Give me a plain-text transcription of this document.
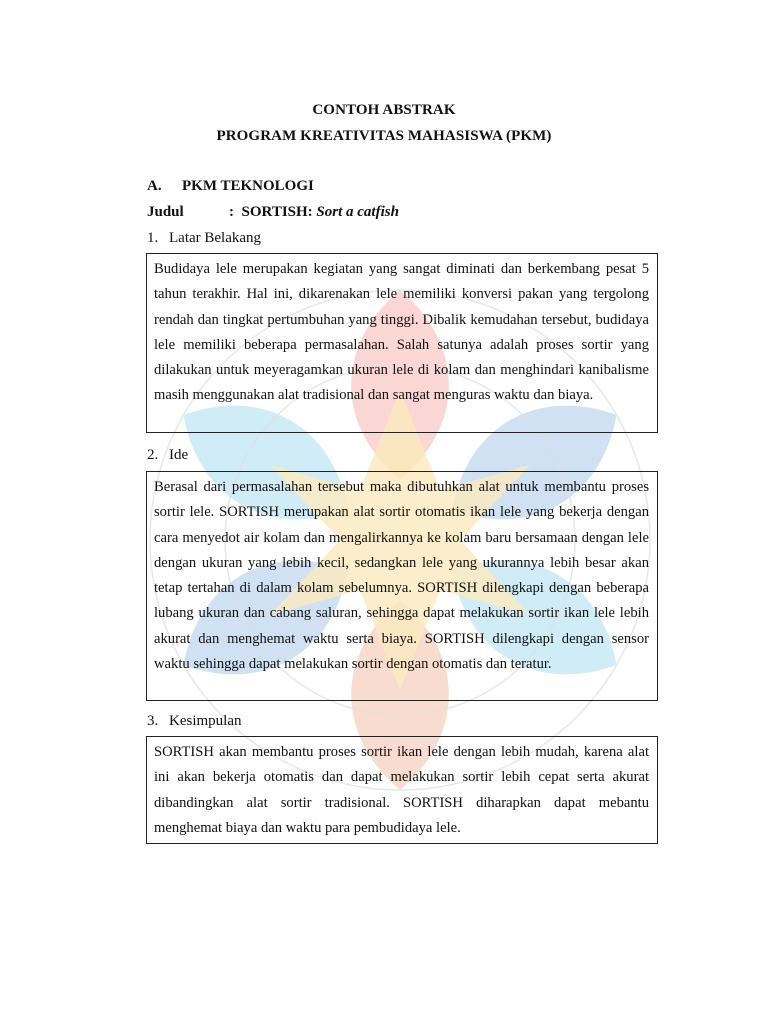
CONTOH ABSTRAK
PROGRAM KREATIVITAS MAHASISWA (PKM)
A. PKM TEKNOLOGI
Judul	: SORTISH: Sort a catfish
1. Latar Belakang

Budidaya lele merupakan kegiatan yang sangat diminati dan berkembang pesat 5 tahun terakhir. Hal ini, dikarenakan lele memiliki konversi pakan yang tergolong rendah dan tingkat pertumbuhan yang tinggi. Dibalik kemudahan tersebut, budidaya lele memiliki beberapa permasalahan. Salah satunya adalah proses sortir yang dilakukan untuk meyeragamkan ukuran lele di kolam dan menghindari kanibalisme masih menggunakan alat tradisional dan sangat menguras waktu dan biaya.

2. Ide

Berasal dari permasalahan tersebut maka dibutuhkan alat untuk membantu proses sortir lele. SORTISH merupakan alat sortir otomatis ikan lele yang bekerja dengan cara menyedot air kolam dan mengalirkannya ke kolam baru bersamaan dengan lele dengan ukuran yang lebih kecil, sedangkan lele yang ukurannya lebih besar akan tetap tertahan di dalam kolam sebelumnya. SORTISH dilengkapi dengan beberapa lubang ukuran dan cabang saluran, sehingga dapat melakukan sortir ikan lele lebih akurat dan menghemat waktu serta biaya. SORTISH dilengkapi dengan sensor waktu sehingga dapat melakukan sortir dengan otomatis dan teratur.

3. Kesimpulan

SORTISH akan membantu proses sortir ikan lele dengan lebih mudah, karena alat ini akan bekerja otomatis dan dapat melakukan sortir lebih cepat serta akurat dibandingkan alat sortir tradisional. SORTISH diharapkan dapat mebantu menghemat biaya dan waktu para pembudidaya lele.
